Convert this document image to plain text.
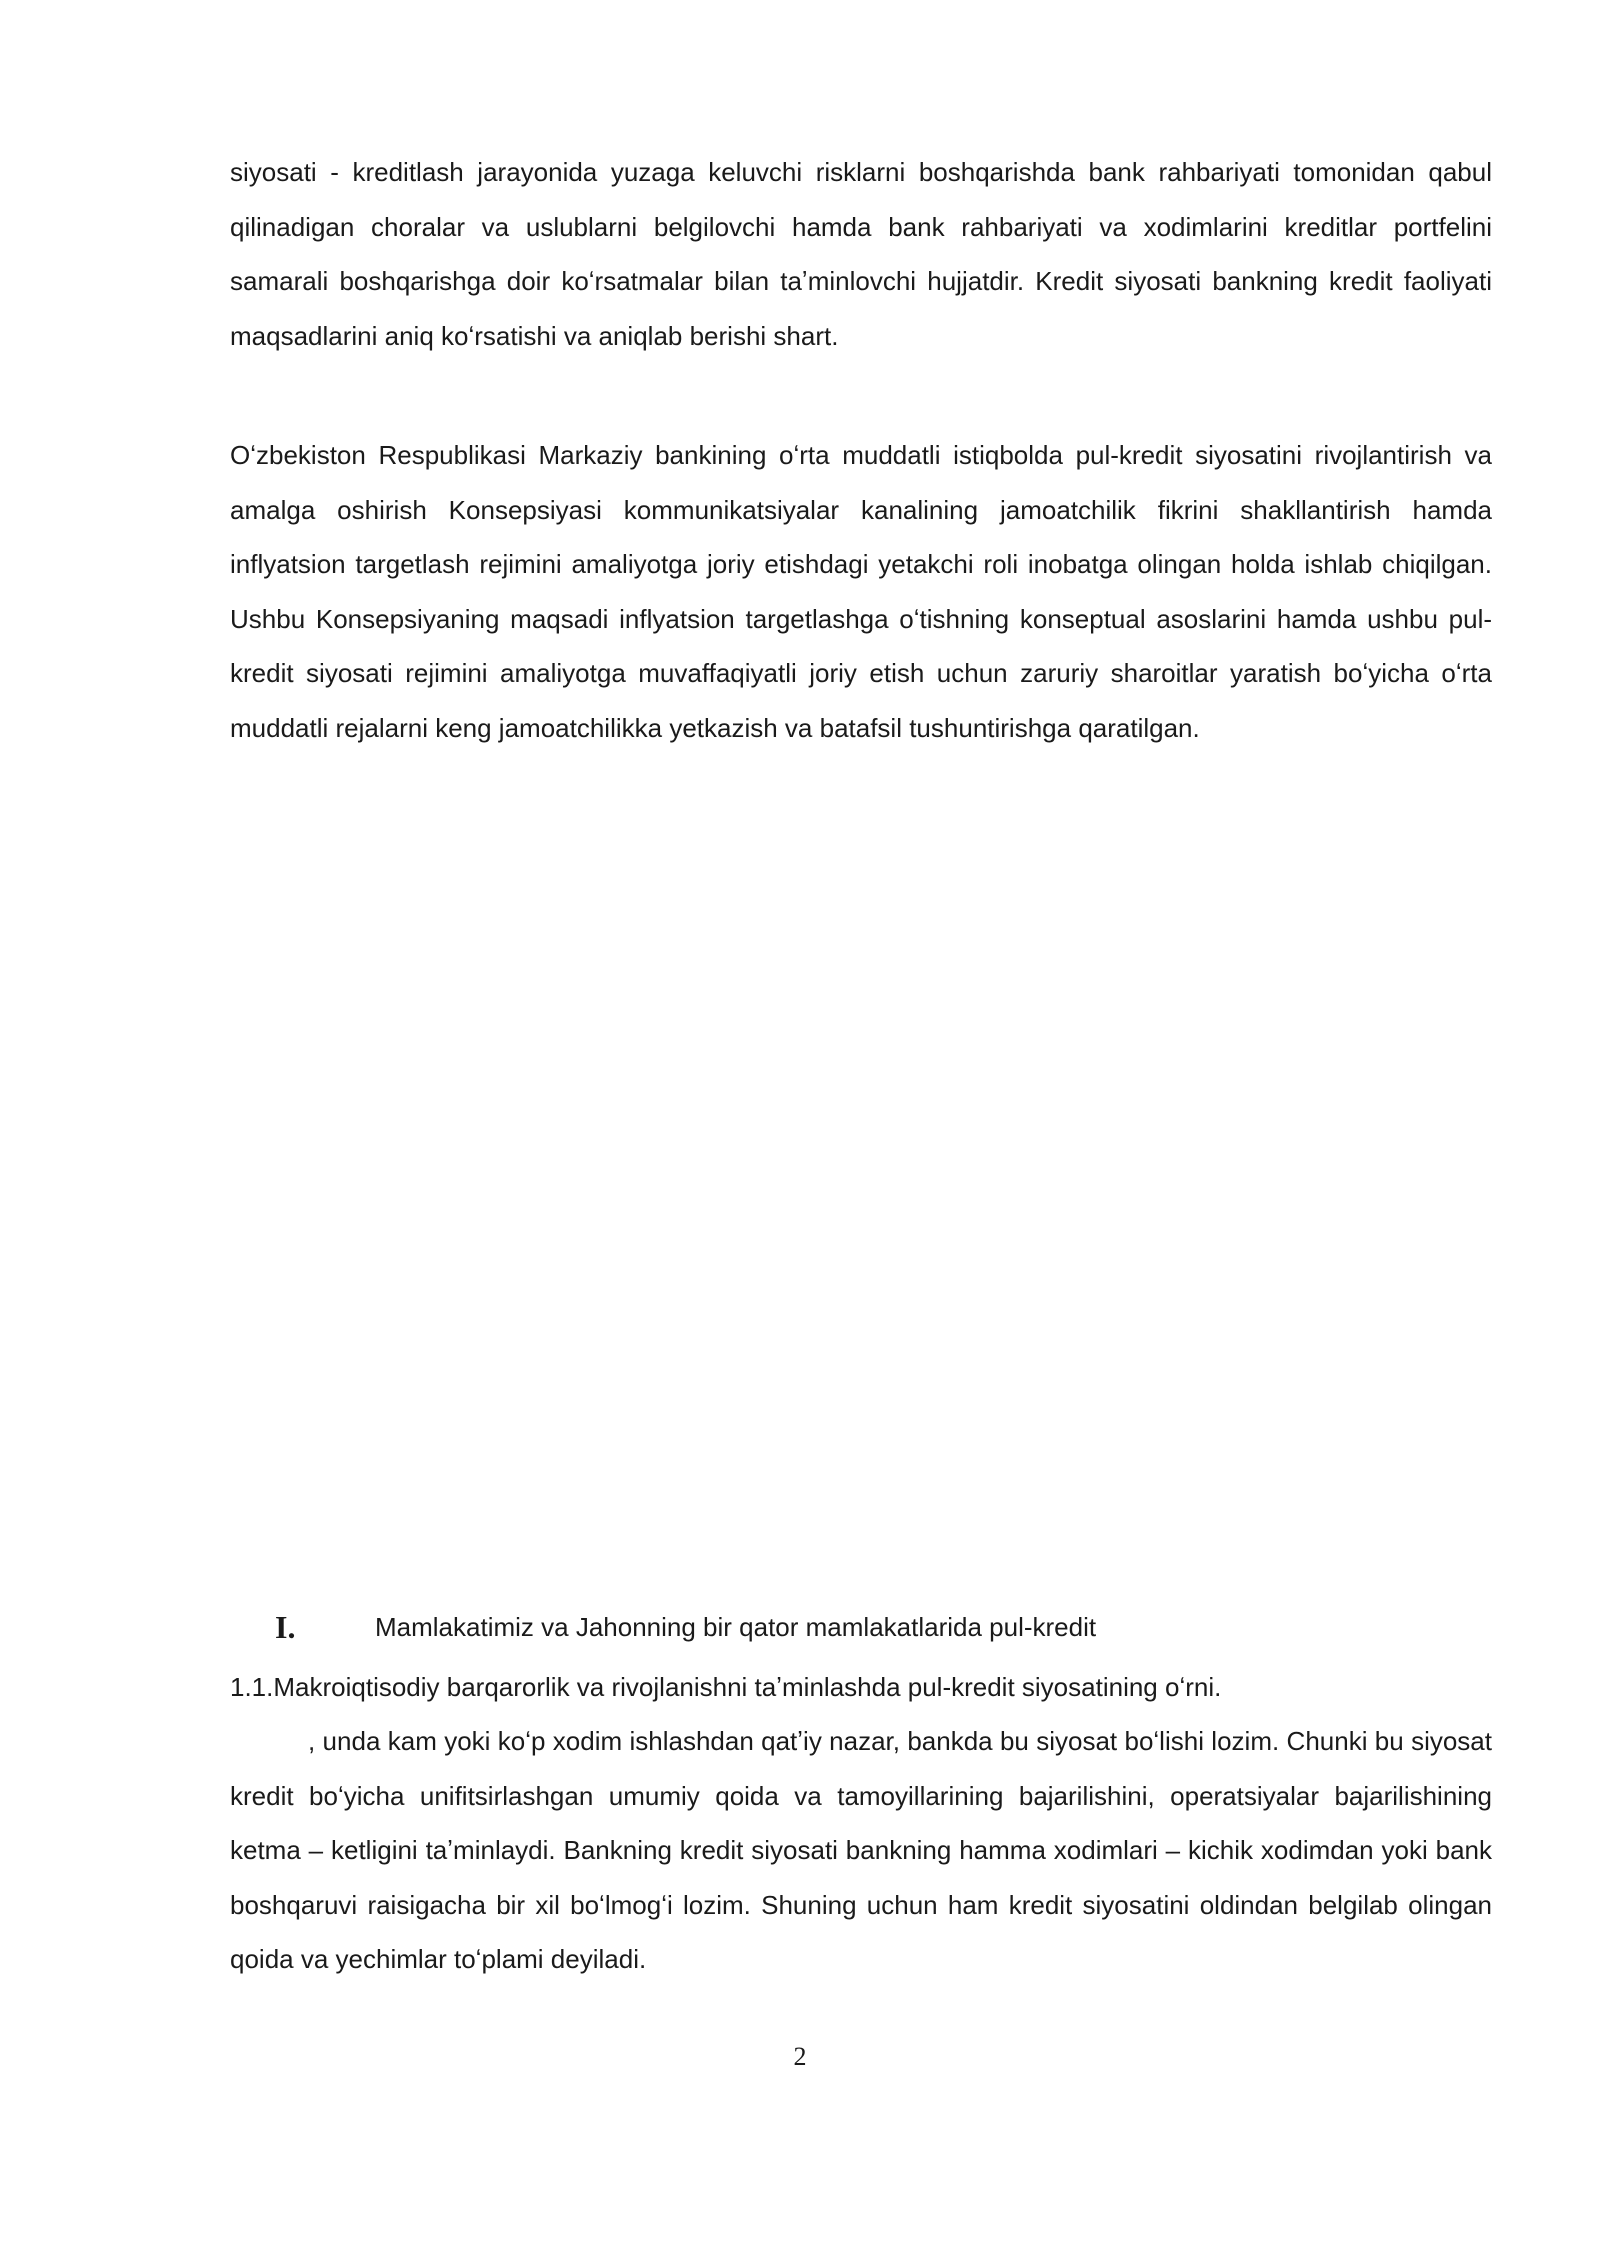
siyosati - kreditlash jarayonida yuzaga keluvchi risklarni boshqarishda bank rahbariyati tomonidan qabul qilinadigan choralar va uslublarni belgilovchi hamda bank rahbariyati va xodimlarini kreditlar portfelini samarali boshqarishga doir koʻrsatmalar bilan taʼminlovchi hujjatdir. Kredit siyosati bankning kredit faoliyati maqsadlarini aniq koʻrsatishi va aniqlab berishi shart.

Oʻzbekiston Respublikasi Markaziy bankining oʻrta muddatli istiqbolda pul-kredit siyosatini rivojlantirish va amalga oshirish Konsepsiyasi kommunikatsiyalar kanalining jamoatchilik fikrini shakllantirish hamda inflyatsion targetlash rejimini amaliyotga joriy etishdagi yetakchi roli inobatga olingan holda ishlab chiqilgan. Ushbu Konsepsiyaning maqsadi inflyatsion targetlashga oʻtishning konseptual asoslarini hamda ushbu pul-kredit siyosati rejimini amaliyotga muvaffaqiyatli joriy etish uchun zaruriy sharoitlar yaratish boʻyicha oʻrta muddatli rejalarni keng jamoatchilikka yetkazish va batafsil tushuntirishga qaratilgan.

I.	Mamlakatimiz va Jahonning bir qator mamlakatlarida pul-kredit

1.1.Makroiqtisodiy barqarorlik va rivojlanishni taʼminlashda pul-kredit siyosatining oʻrni.

, unda kam yoki koʻp xodim ishlashdan qatʼiy nazar, bankda bu siyosat boʻlishi lozim. Chunki bu siyosat kredit boʻyicha unifitsirlashgan umumiy qoida va tamoyillarining bajarilishini, operatsiyalar bajarilishining ketma – ketligini taʼminlaydi. Bankning kredit siyosati bankning hamma xodimlari – kichik xodimdan yoki bank boshqaruvi raisigacha bir xil boʻlmogʻi lozim. Shuning uchun ham kredit siyosatini oldindan belgilab olingan qoida va yechimlar toʻplami deyiladi.

2
